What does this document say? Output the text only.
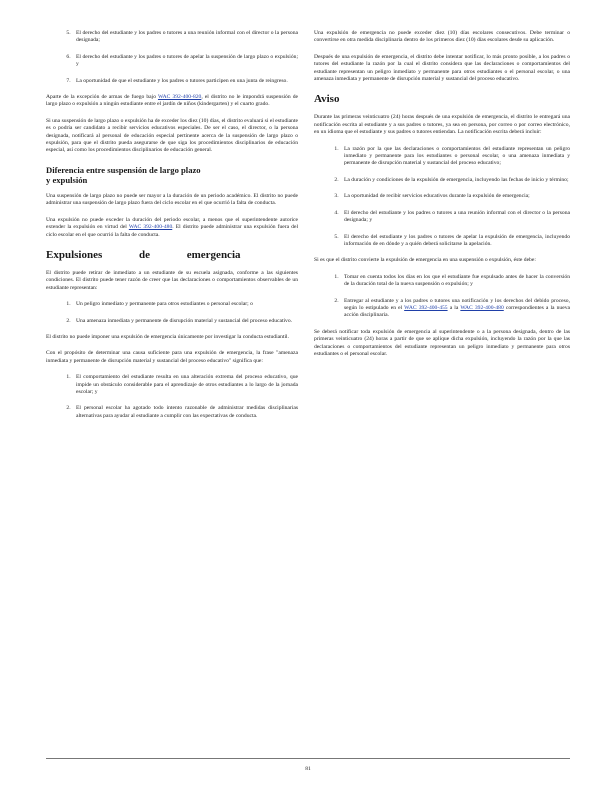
5. El derecho del estudiante y los padres o tutores a una reunión informal con el director o la persona designada;
6. El derecho del estudiante y los padres o tutores de apelar la suspensión de largo plazo o expulsión; y
7. La oportunidad de que el estudiante y los padres o tutores participen en una junta de reingreso.

Aparte de la excepción de armas de fuego bajo WAC 392-400-820, el distrito no le impondrá suspensión de largo plazo o expulsión a ningún estudiante entre el jardín de niños (kindergarten) y el cuarto grado.

Si una suspensión de largo plazo o expulsión ha de exceder los diez (10) días, el distrito evaluará si el estudiante es o podría ser candidato a recibir servicios educativos especiales. De ser el caso, el director, o la persona designada, notificará al personal de educación especial pertinente acerca de la suspensión de largo plazo o expulsión, para que el distrito pueda asegurarse de que siga los procedimientos disciplinarios de educación especial, así como los procedimientos disciplinarios de educación general.

Diferencia entre suspensión de largo plazo
y expulsión

Una suspensión de largo plazo no puede ser mayor a la duración de un periodo académico. El distrito no puede administrar una suspensión de largo plazo fuera del ciclo escolar en el que ocurrió la falta de conducta.

Una expulsión no puede exceder la duración del periodo escolar, a menos que el superintendente autorice extender la expulsión en virtud del WAC 392-400-480. El distrito puede administrar una expulsión fuera del ciclo escolar en el que ocurrió la falta de conducta.

Expulsiones de emergencia

El distrito puede retirar de inmediato a un estudiante de su escuela asignada, conforme a las siguientes condiciones. El distrito puede tener razón de creer que las declaraciones o comportamientos observables de un estudiante representan:

1. Un peligro inmediato y permanente para otros estudiantes o personal escolar; o
2. Una amenaza inmediata y permanente de disrupción material y sustancial del proceso educativo.

El distrito no puede imponer una expulsión de emergencia únicamente por investigar la conducta estudiantil.

Con el propósito de determinar una causa suficiente para una expulsión de emergencia, la frase "amenaza inmediata y permanente de disrupción material y sustancial del proceso educativo" significa que:

1. El comportamiento del estudiante resulta en una alteración extrema del proceso educativo, que impide un obstáculo considerable para el aprendizaje de otros estudiantes a lo largo de la jornada escolar; y
2. El personal escolar ha agotado todo intento razonable de administrar medidas disciplinarias alternativas para ayudar al estudiante a cumplir con las expectativas de conducta.

Una expulsión de emergencia no puede exceder diez (10) días escolares consecutivos. Debe terminar o convertirse en otra medida disciplinaria dentro de los primeros diez (10) días escolares desde su aplicación.

Después de una expulsión de emergencia, el distrito debe intentar notificar, lo más pronto posible, a los padres o tutores del estudiante la razón por la cual el distrito considera que las declaraciones o comportamientos del estudiante representan un peligro inmediato y permanente para otros estudiantes o el personal escolar, o una amenaza inmediata y permanente de disrupción material y sustancial del proceso educativo.

Aviso

Durante las primeras veinticuatro (24) horas después de una expulsión de emergencia, el distrito le entregará una notificación escrita al estudiante y a sus padres o tutores, ya sea en persona, por correo o por correo electrónico, en un idioma que el estudiante y sus padres o tutores entiendan. La notificación escrita deberá incluir:

1. La razón por la que las declaraciones o comportamientos del estudiante representan un peligro inmediato y permanente para los estudiantes o personal escolar, o una amenaza inmediata y permanente de disrupción material y sustancial del proceso educativo;
2. La duración y condiciones de la expulsión de emergencia, incluyendo las fechas de inicio y término;
3. La oportunidad de recibir servicios educativos durante la expulsión de emergencia;
4. El derecho del estudiante y los padres o tutores a una reunión informal con el director o la persona designada; y
5. El derecho del estudiante y los padres o tutores de apelar la expulsión de emergencia, incluyendo información de en dónde y a quién deberá solicitarse la apelación.

Si es que el distrito convierte la expulsión de emergencia en una suspensión o expulsión, éste debe:

1. Tomar en cuenta todos los días en los que el estudiante fue expulsado antes de hacer la conversión de la duración total de la nueva suspensión o expulsión; y
2. Entregar al estudiante y a los padres o tutores una notificación y los derechos del debido proceso, según lo estipulado en el WAC 392-400-455 a la WAC 392-400-480 correspondientes a la nueva acción disciplinaria.

Se deberá notificar toda expulsión de emergencia al superintendente o a la persona designada, dentro de las primeras veinticuatro (24) horas a partir de que se aplique dicha expulsión, incluyendo la razón por la que las declaraciones o comportamientos del estudiante representan un peligro inmediato y permanente para otros estudiantes o el personal escolar.

81
